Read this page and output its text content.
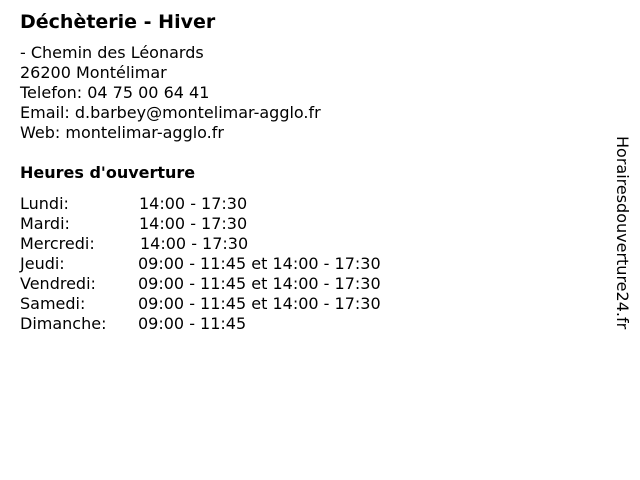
Déchèterie - Hiver
- Chemin des Léonards
26200 Montélimar
Telefon: 04 75 00 64 41
Email: d.barbey@montelimar-agglo.fr
Web: montelimar-agglo.fr
Heures d'ouverture
Lundi:	14:00 - 17:30
Mardi:	14:00 - 17:30
Mercredi:	14:00 - 17:30
Jeudi:	09:00 - 11:45 et 14:00 - 17:30
Vendredi:	09:00 - 11:45 et 14:00 - 17:30
Samedi:	09:00 - 11:45 et 14:00 - 17:30
Dimanche: 09:00 - 11:45	Horairesdouverture24.fr
